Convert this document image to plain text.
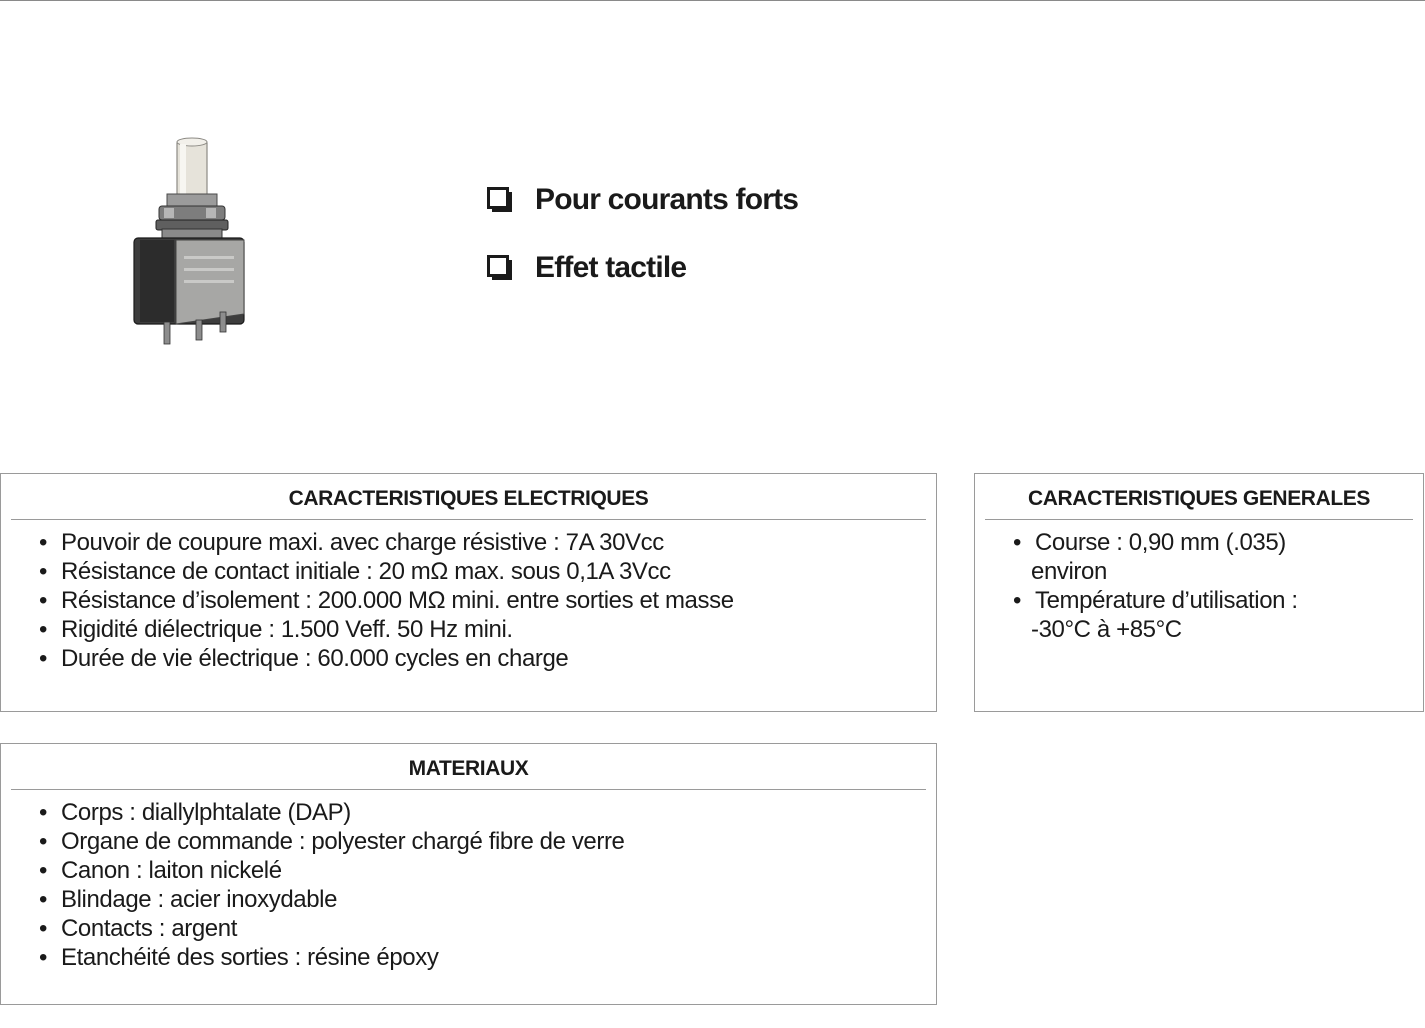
Pour courants forts
Effet tactile
CARACTERISTIQUES ELECTRIQUES
• Pouvoir de coupure maxi. avec charge résistive : 7A 30Vcc
• Résistance de contact initiale : 20 mΩ max. sous 0,1A 3Vcc
• Résistance d’isolement : 200.000 MΩ mini. entre sorties et masse
• Rigidité diélectrique : 1.500 Veff. 50 Hz mini.
• Durée de vie électrique : 60.000 cycles en charge
CARACTERISTIQUES GENERALES
• Course : 0,90 mm (.035)
environ
• Température d’utilisation :
-30°C à +85°C
MATERIAUX
• Corps : diallylphtalate (DAP)
• Organe de commande : polyester chargé fibre de verre
• Canon : laiton nickelé
• Blindage : acier inoxydable
• Contacts : argent
• Etanchéité des sorties : résine époxy
